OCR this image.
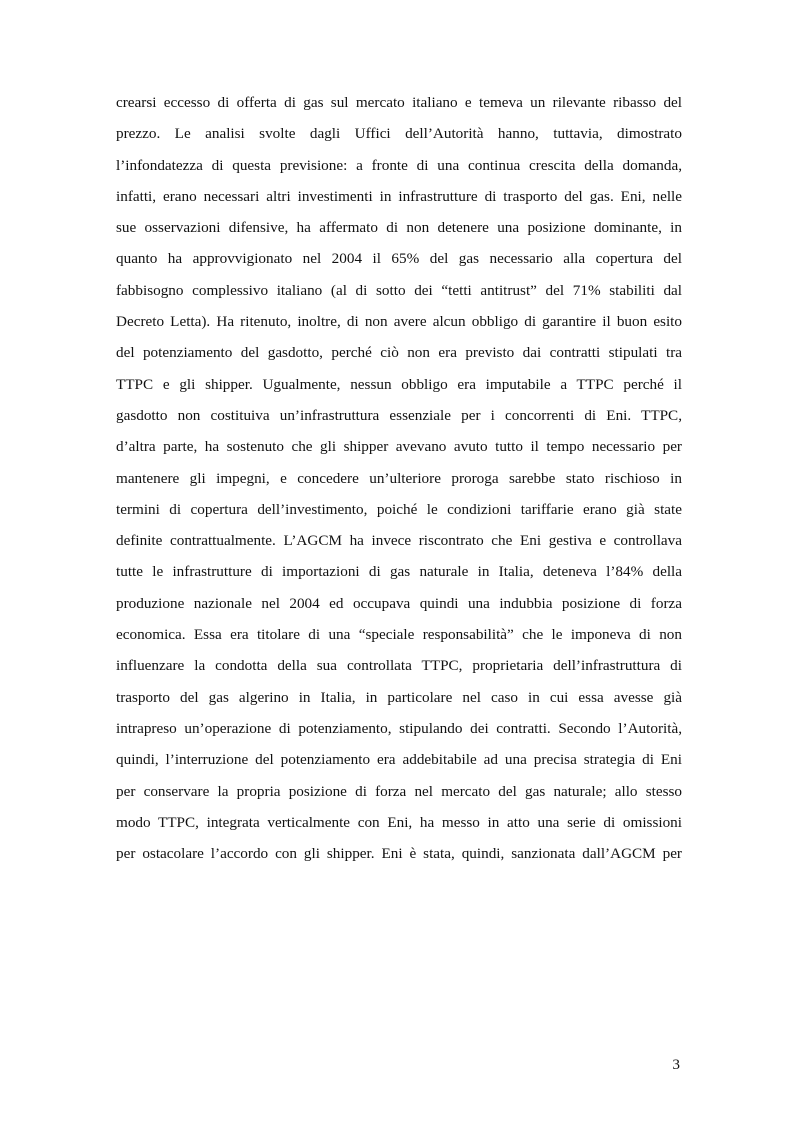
crearsi eccesso di offerta di gas sul mercato italiano e temeva un rilevante ribasso del
prezzo. Le analisi svolte dagli Uffici dell’Autorità hanno, tuttavia, dimostrato
l’infondatezza di questa previsione: a fronte di una continua crescita della domanda,
infatti, erano necessari altri investimenti in infrastrutture di trasporto del gas. Eni, nelle
sue osservazioni difensive, ha affermato di non detenere una posizione dominante, in
quanto ha approvvigionato nel 2004 il 65% del gas necessario alla copertura del
fabbisogno complessivo italiano (al di sotto dei “tetti antitrust” del 71% stabiliti dal
Decreto Letta). Ha ritenuto, inoltre, di non avere alcun obbligo di garantire il buon esito
del potenziamento del gasdotto, perché ciò non era previsto dai contratti stipulati tra
TTPC e gli shipper. Ugualmente, nessun obbligo era imputabile a TTPC perché il
gasdotto non costituiva un’infrastruttura essenziale per i concorrenti di Eni. TTPC,
d’altra parte, ha sostenuto che gli shipper avevano avuto tutto il tempo necessario per
mantenere gli impegni, e concedere un’ulteriore proroga sarebbe stato rischioso in
termini di copertura dell’investimento, poiché le condizioni tariffarie erano già state
definite contrattualmente. L’AGCM ha invece riscontrato che Eni gestiva e controllava
tutte le infrastrutture di importazioni di gas naturale in Italia, deteneva l’84% della
produzione nazionale nel 2004 ed occupava quindi una indubbia posizione di forza
economica. Essa era titolare di una “speciale responsabilità” che le imponeva di non
influenzare la condotta della sua controllata TTPC, proprietaria dell’infrastruttura di
trasporto del gas algerino in Italia, in particolare nel caso in cui essa avesse già
intrapreso un’operazione di potenziamento, stipulando dei contratti. Secondo l’Autorità,
quindi, l’interruzione del potenziamento era addebitabile ad una precisa strategia di Eni
per conservare la propria posizione di forza nel mercato del gas naturale; allo stesso
modo TTPC, integrata verticalmente con Eni, ha messo in atto una serie di omissioni
per ostacolare l’accordo con gli shipper. Eni è stata, quindi, sanzionata dall’AGCM per
3
